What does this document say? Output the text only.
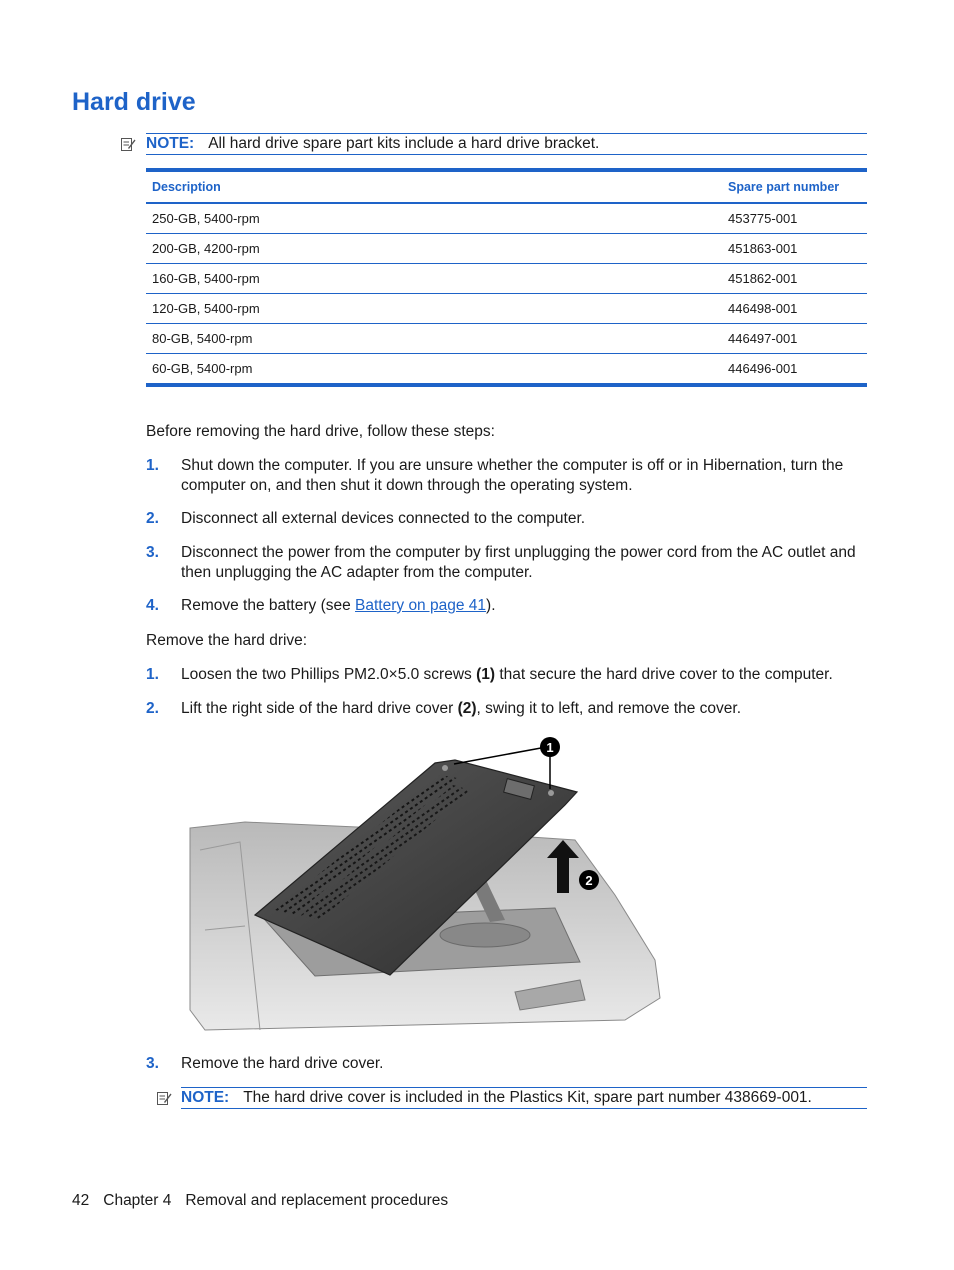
Hard drive
NOTE: All hard drive spare part kits include a hard drive bracket.
Description	Spare part number
250-GB, 5400-rpm	453775-001
200-GB, 4200-rpm	451863-001
160-GB, 5400-rpm	451862-001
120-GB, 5400-rpm	446498-001
80-GB, 5400-rpm	446497-001
60-GB, 5400-rpm	446496-001
Before removing the hard drive, follow these steps:
1. Shut down the computer. If you are unsure whether the computer is off or in Hibernation, turn the computer on, and then shut it down through the operating system.
2. Disconnect all external devices connected to the computer.
3. Disconnect the power from the computer by first unplugging the power cord from the AC outlet and then unplugging the AC adapter from the computer.
4. Remove the battery (see Battery on page 41).
Remove the hard drive:
1. Loosen the two Phillips PM2.0×5.0 screws (1) that secure the hard drive cover to the computer.
2. Lift the right side of the hard drive cover (2), swing it to left, and remove the cover.
1
2
3. Remove the hard drive cover.
NOTE: The hard drive cover is included in the Plastics Kit, spare part number 438669-001.
42 Chapter 4 Removal and replacement procedures
